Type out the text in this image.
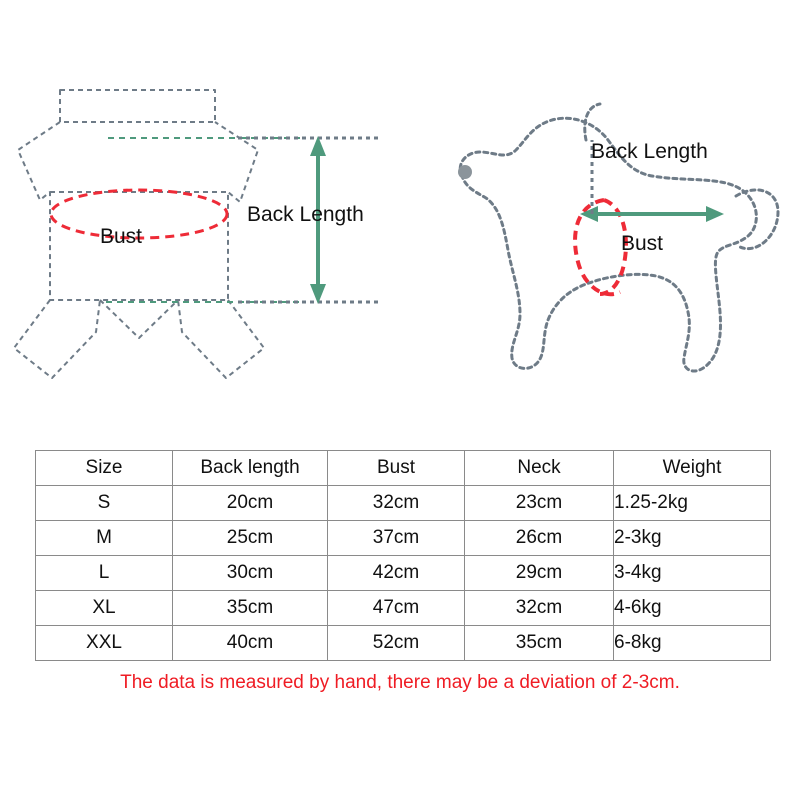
Bust
Back Length
Back Length
Bust
Size	Back length	Bust	Neck	Weight
S	20cm	32cm	23cm	1.25-2kg
M	25cm	37cm	26cm	2-3kg
L	30cm	42cm	29cm	3-4kg
XL	35cm	47cm	32cm	4-6kg
XXL	40cm	52cm	35cm	6-8kg
The data is measured by hand, there may be a deviation of 2-3cm.
